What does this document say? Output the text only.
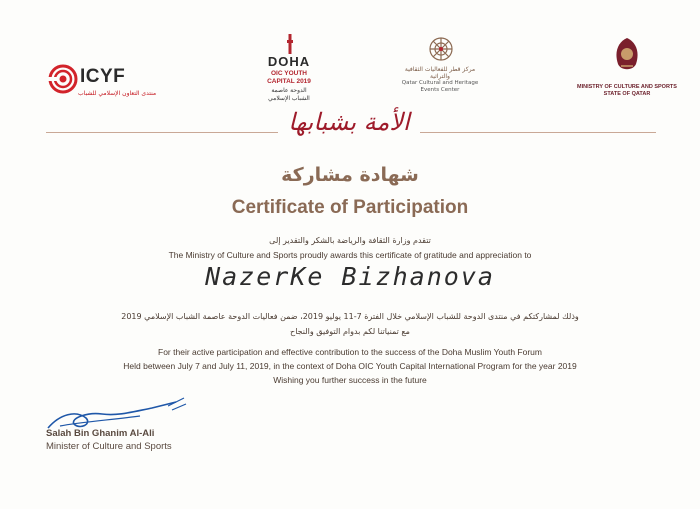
ICYF
منتدى التعاون الإسلامي للشباب
DOHA
OIC YOUTH
CAPITAL 2019
الدوحة عاصمة
الشباب الإسلامي
مركز قطر للفعاليات الثقافية والتراثية
Qatar Cultural and Heritage
Events Center	MINISTRY OF CULTURE AND SPORTS
STATE OF QATAR
الأمة بشبابها
شهادة مشاركة
Certificate of Participation
تتقدم وزارة الثقافة والرياضة بالشكر والتقدير إلى
The Ministry of Culture and Sports proudly awards this certificate of gratitude and appreciation to
NazerKe Bizhanova
وذلك لمشاركتكم في منتدى الدوحة للشباب الإسلامي خلال الفترة 7-11 يوليو 2019، ضمن فعاليات الدوحة عاصمة الشباب الإسلامي 2019
مع تمنياتنا لكم بدوام التوفيق والنجاح
For their active participation and effective contribution to the success of the Doha Muslim Youth Forum
Held between July 7 and July 11, 2019, in the context of Doha OIC Youth Capital International Program for the year 2019
Wishing you further success in the future
Salah Bin Ghanim Al-Ali
Minister of Culture and Sports
